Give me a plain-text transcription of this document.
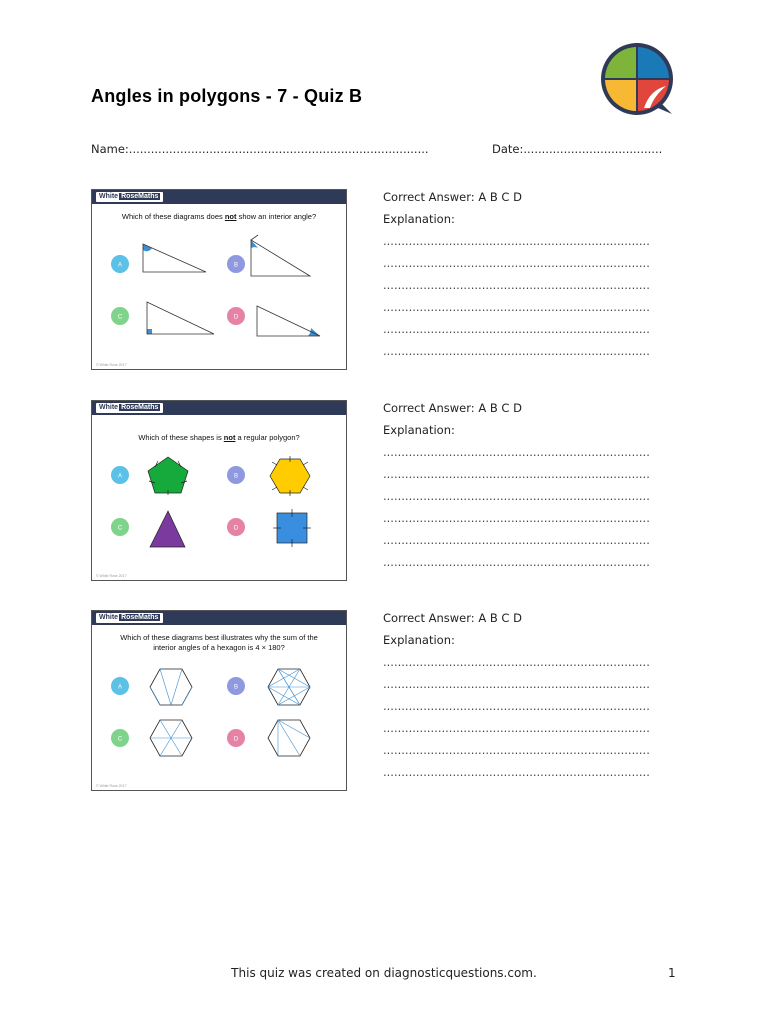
Angles in polygons - 7 - Quiz B
Name:..................................................................................	Date:......................................
White RoseMaths
Which of these diagrams does not show an interior angle?
A	B
C	D
© White Rose 2017
Correct Answer: A B C D
Explanation:
.........................................................................
.........................................................................
.........................................................................
.........................................................................
.........................................................................
.........................................................................
White RoseMaths
Which of these shapes is not a regular polygon?
A	B
C	D
© White Rose 2017
Correct Answer: A B C D
Explanation:
.........................................................................
.........................................................................
.........................................................................
.........................................................................
.........................................................................
.........................................................................
White RoseMaths
Which of these diagrams best illustrates why the sum of the
interior angles of a hexagon is 4 × 180?
A	B
C	D
© White Rose 2017
Correct Answer: A B C D
Explanation:
.........................................................................
.........................................................................
.........................................................................
.........................................................................
.........................................................................
.........................................................................
This quiz was created on diagnosticquestions.com.	1
